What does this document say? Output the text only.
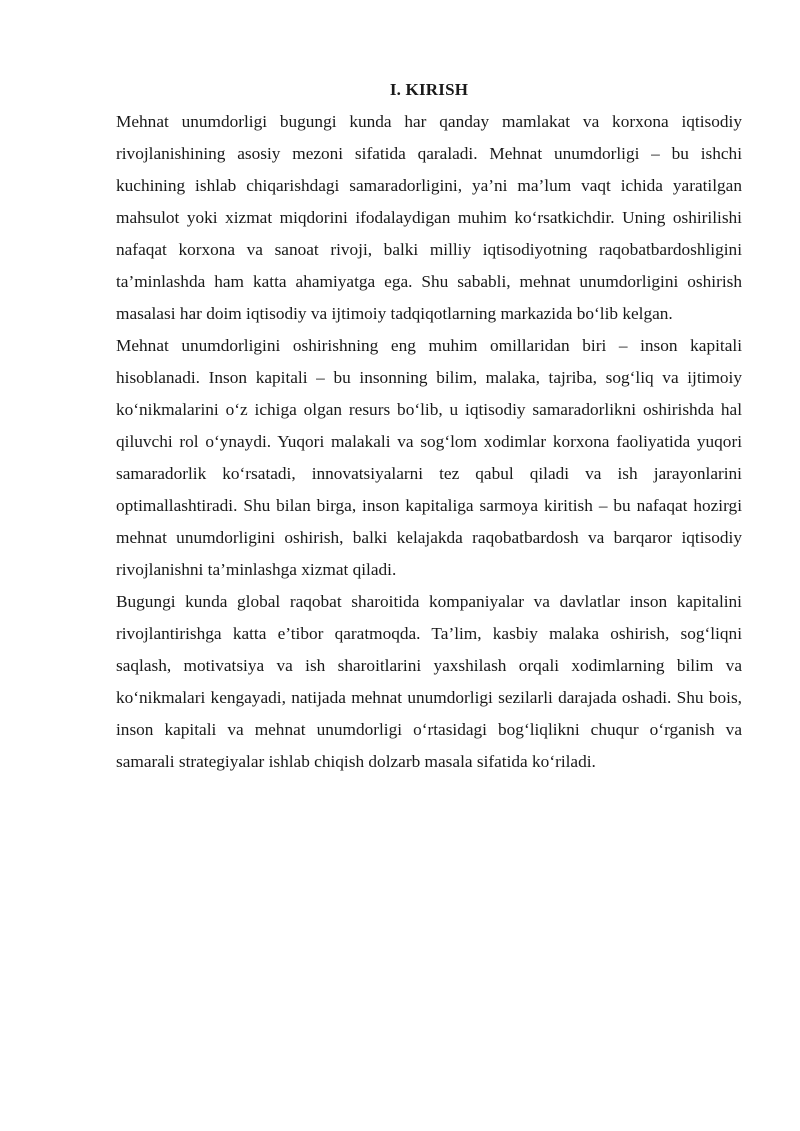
I. KIRISH

Mehnat unumdorligi bugungi kunda har qanday mamlakat va korxona iqtisodiy rivojlanishining asosiy mezoni sifatida qaraladi. Mehnat unumdorligi – bu ishchi kuchining ishlab chiqarishdagi samaradorligini, ya’ni ma’lum vaqt ichida yaratilgan mahsulot yoki xizmat miqdorini ifodalaydigan muhim ko‘rsatkichdir. Uning oshirilishi nafaqat korxona va sanoat rivoji, balki milliy iqtisodiyotning raqobatbardoshligini ta’minlashda ham katta ahamiyatga ega. Shu sababli, mehnat unumdorligini oshirish masalasi har doim iqtisodiy va ijtimoiy tadqiqotlarning markazida bo‘lib kelgan.

Mehnat unumdorligini oshirishning eng muhim omillaridan biri – inson kapitali hisoblanadi. Inson kapitali – bu insonning bilim, malaka, tajriba, sog‘liq va ijtimoiy ko‘nikmalarini o‘z ichiga olgan resurs bo‘lib, u iqtisodiy samaradorlikni oshirishda hal qiluvchi rol o‘ynaydi. Yuqori malakali va sog‘lom xodimlar korxona faoliyatida yuqori samaradorlik ko‘rsatadi, innovatsiyalarni tez qabul qiladi va ish jarayonlarini optimallashtiradi. Shu bilan birga, inson kapitaliga sarmoya kiritish – bu nafaqat hozirgi mehnat unumdorligini oshirish, balki kelajakda raqobatbardosh va barqaror iqtisodiy rivojlanishni ta’minlashga xizmat qiladi.

Bugungi kunda global raqobat sharoitida kompaniyalar va davlatlar inson kapitalini rivojlantirishga katta e’tibor qaratmoqda. Ta’lim, kasbiy malaka oshirish, sog‘liqni saqlash, motivatsiya va ish sharoitlarini yaxshilash orqali xodimlarning bilim va ko‘nikmalari kengayadi, natijada mehnat unumdorligi sezilarli darajada oshadi. Shu bois, inson kapitali va mehnat unumdorligi o‘rtasidagi bog‘liqlikni chuqur o‘rganish va samarali strategiyalar ishlab chiqish dolzarb masala sifatida ko‘riladi.
